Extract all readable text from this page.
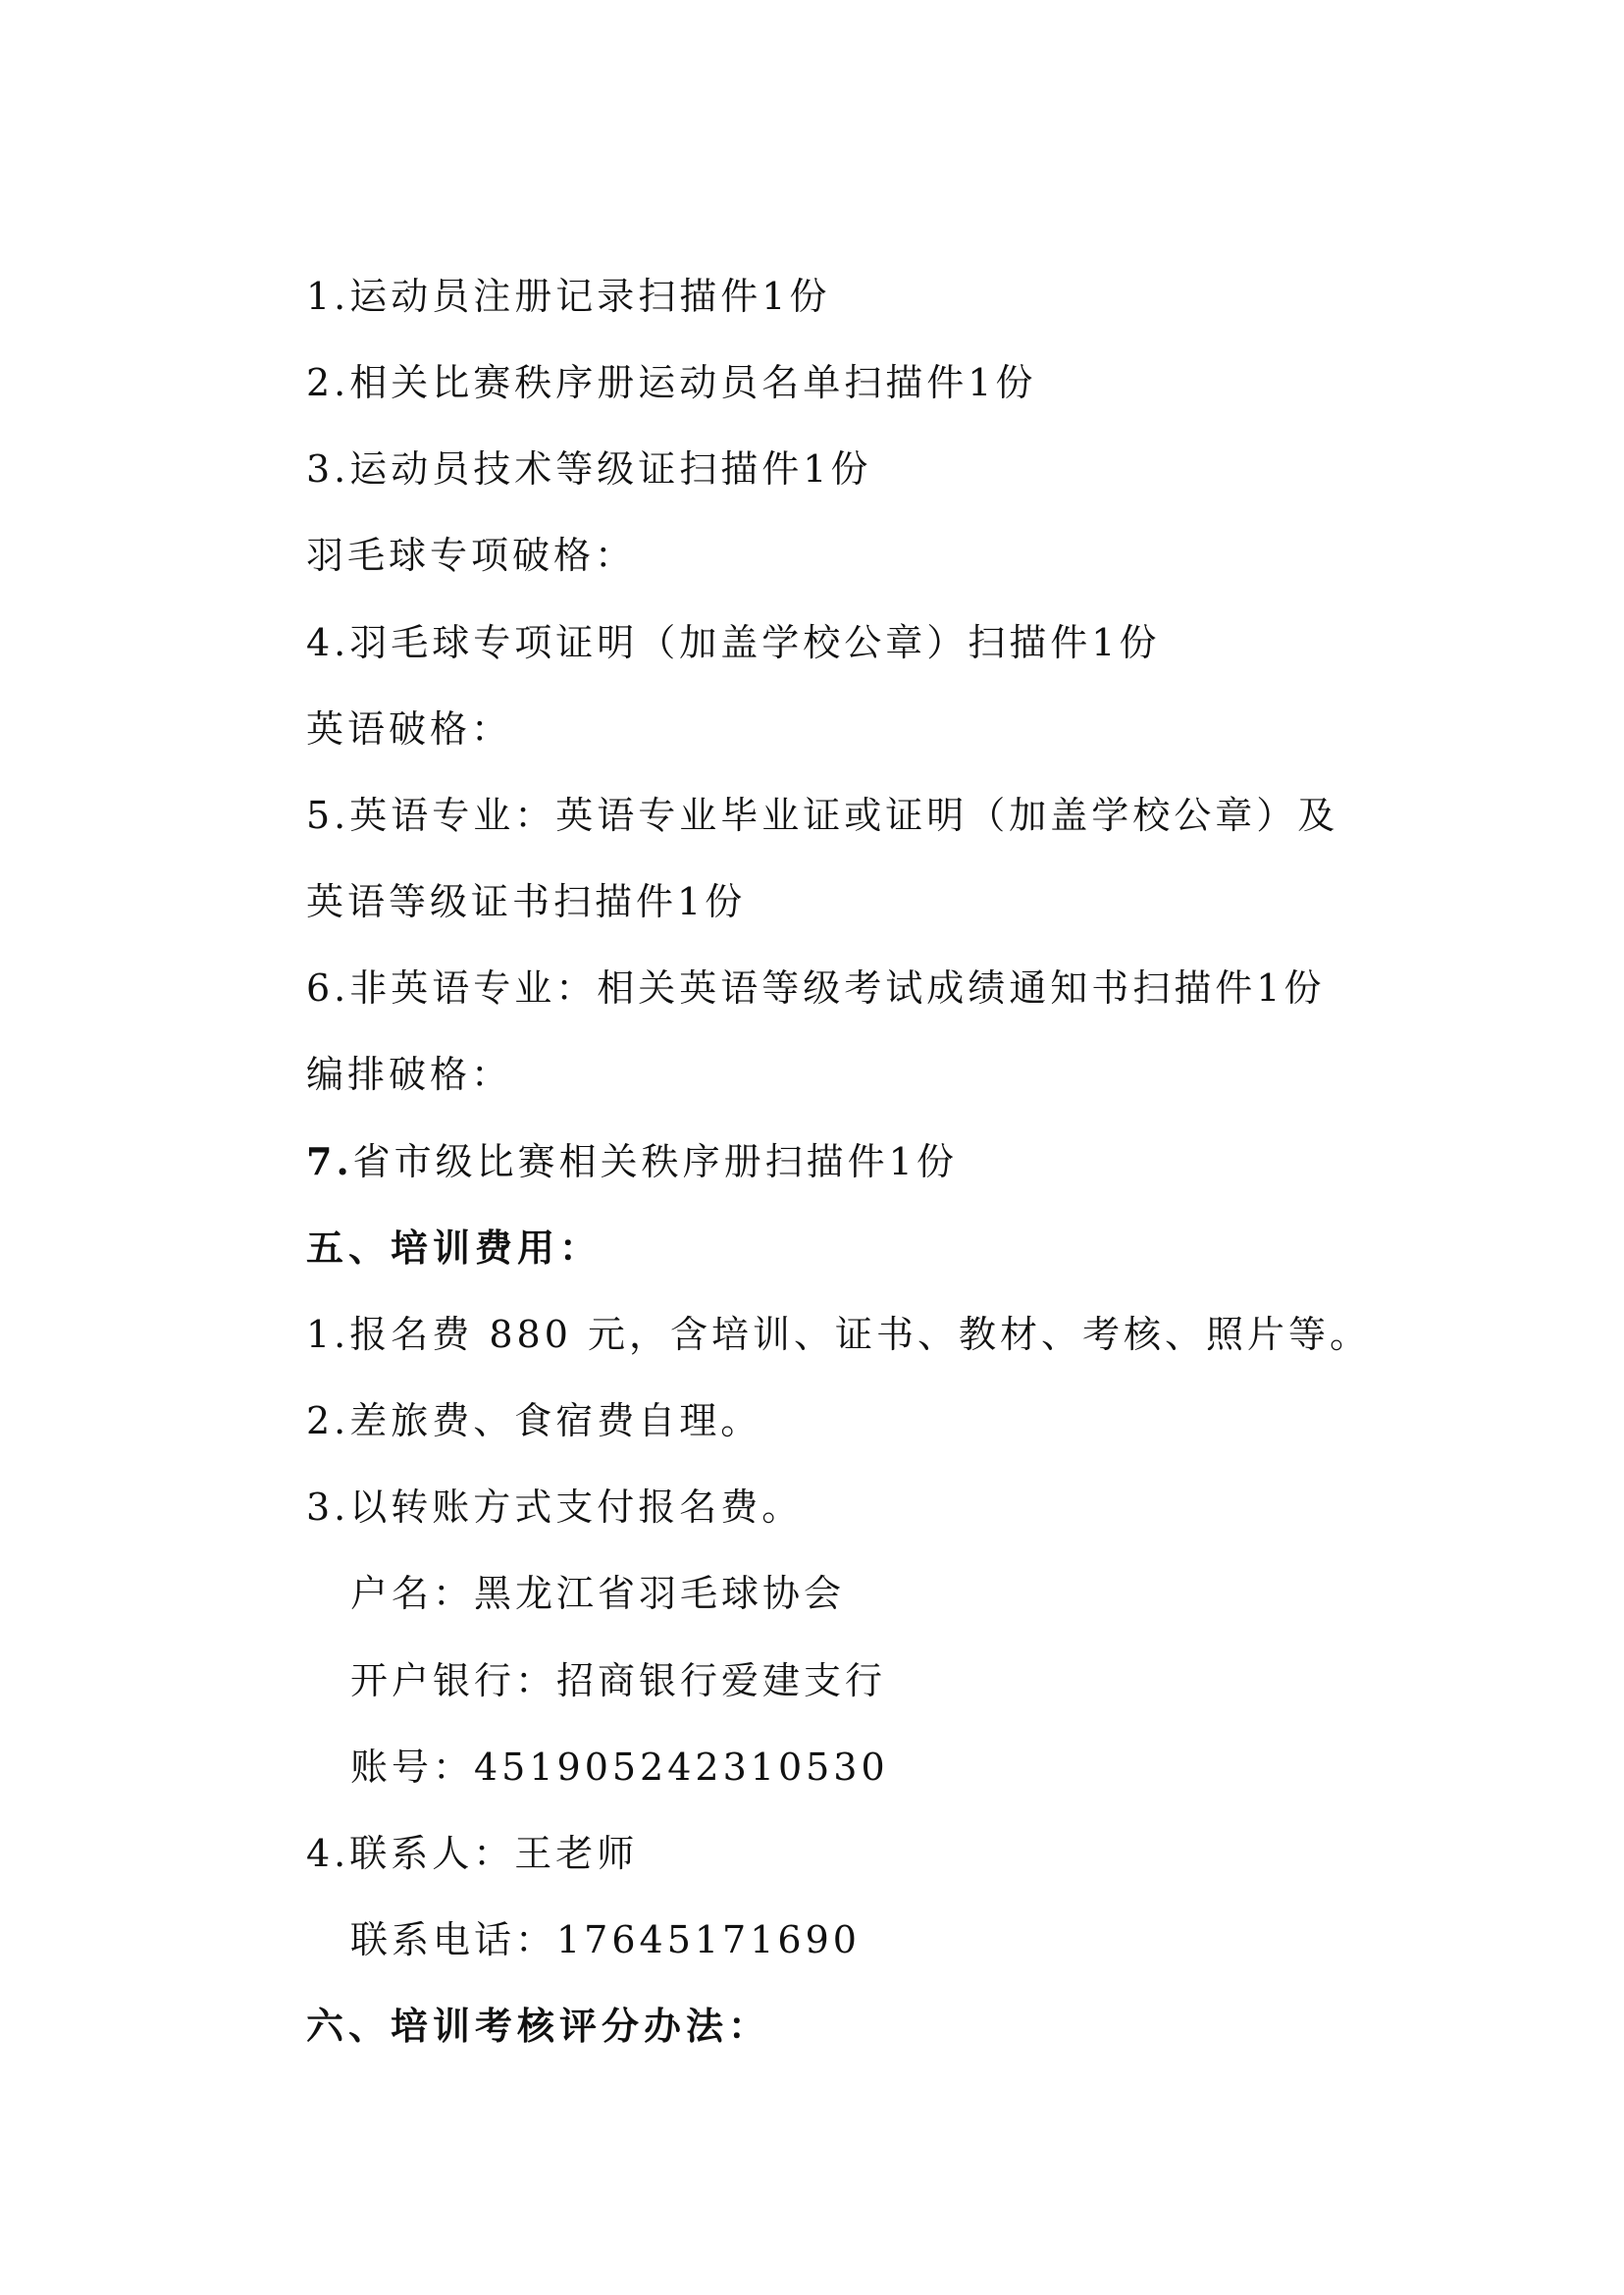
1.运动员注册记录扫描件1份
2.相关比赛秩序册运动员名单扫描件1份
3.运动员技术等级证扫描件1份
羽毛球专项破格：
4.羽毛球专项证明（加盖学校公章）扫描件1份
英语破格：
5.英语专业：英语专业毕业证或证明（加盖学校公章）及
英语等级证书扫描件1份
6.非英语专业：相关英语等级考试成绩通知书扫描件1份
编排破格：
7.省市级比赛相关秩序册扫描件1份
五、培训费用：
1.报名费 880 元，含培训、证书、教材、考核、照片等。
2.差旅费、食宿费自理。
3.以转账方式支付报名费。
户名：黑龙江省羽毛球协会
开户银行：招商银行爱建支行
账号：451905242310530
4.联系人：王老师
联系电话：17645171690
六、培训考核评分办法：
